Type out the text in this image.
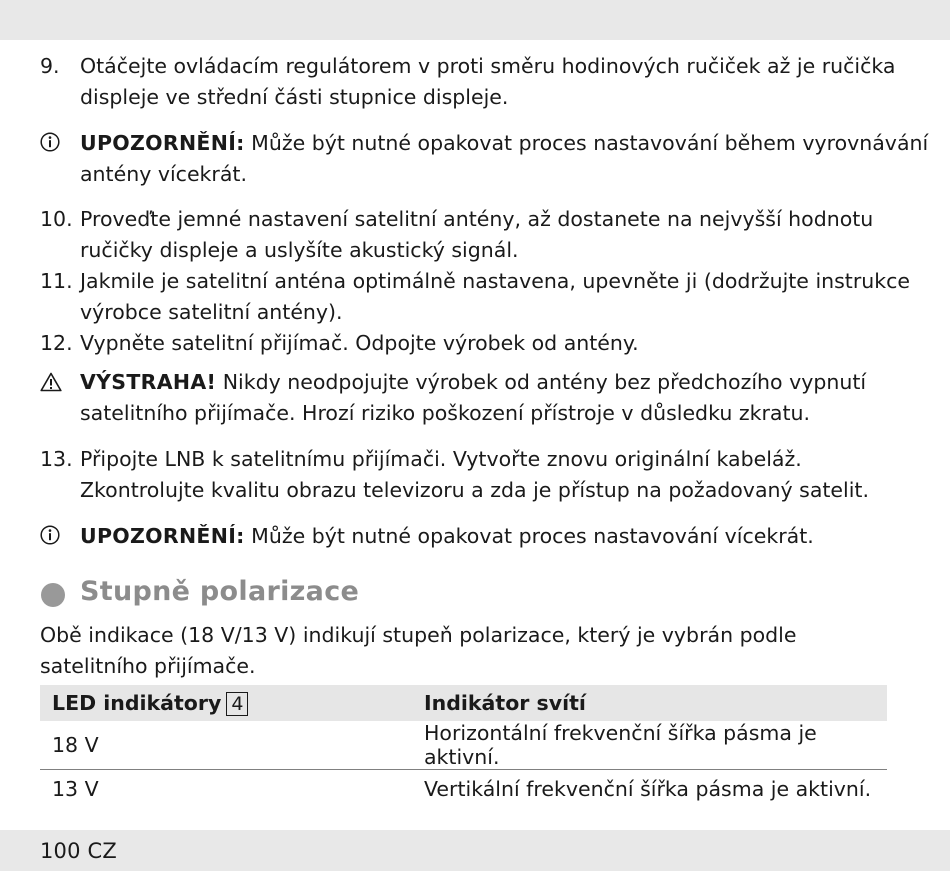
9. Otáčejte ovládacím regulátorem v proti směru hodinových ručiček až je ručička displeje ve střední části stupnice displeje.
UPOZORNĚNÍ: Může být nutné opakovat proces nastavování během vyrovnávání antény vícekrát.
10. Proveďte jemné nastavení satelitní antény, až dostanete na nejvyšší hodnotu ručičky displeje a uslyšíte akustický signál.
11. Jakmile je satelitní anténa optimálně nastavena, upevněte ji (dodržujte instrukce výrobce satelitní antény).
12. Vypněte satelitní přijímač. Odpojte výrobek od antény.
VÝSTRAHA! Nikdy neodpojujte výrobek od antény bez předchozího vypnutí satelitního přijímače. Hrozí riziko poškození přístroje v důsledku zkratu.
13. Připojte LNB k satelitnímu přijímači. Vytvořte znovu originální kabeláž. Zkontrolujte kvalitu obrazu televizoru a zda je přístup na požadovaný satelit.
UPOZORNĚNÍ: Může být nutné opakovat proces nastavování vícekrát.
Stupně polarizace
Obě indikace (18 V/13 V) indikují stupeň polarizace, který je vybrán podle satelitního přijímače.
LED indikátory 4	Indikátor svítí
18 V	Horizontální frekvenční šířka pásma je aktivní.
13 V	Vertikální frekvenční šířka pásma je aktivní.
100 CZ
